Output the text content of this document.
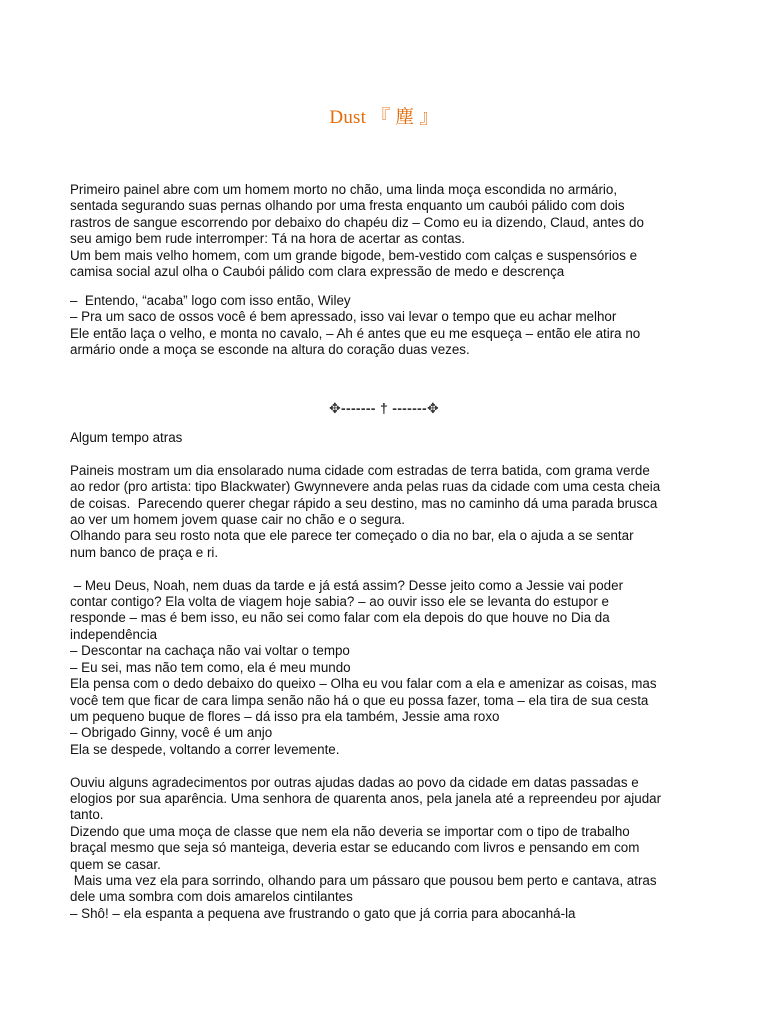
Dust 『 塵 』

Primeiro painel abre com um homem morto no chão, uma linda moça escondida no armário,

sentada segurando suas pernas olhando por uma fresta enquanto um caubói pálido com dois

rastros de sangue escorrendo por debaixo do chapéu diz – Como eu ia dizendo, Claud, antes do

seu amigo bem rude interromper: Tá na hora de acertar as contas.

Um bem mais velho homem, com um grande bigode, bem-vestido com calças e suspensórios e

camisa social azul olha o Caubói pálido com clara expressão de medo e descrença

–  Entendo, “acaba” logo com isso então, Wiley

– Pra um saco de ossos você é bem apressado, isso vai levar o tempo que eu achar melhor

Ele então laça o velho, e monta no cavalo, – Ah é antes que eu me esqueça – então ele atira no

armário onde a moça se esconde na altura do coração duas vezes.

✥------- † -------✥

Algum tempo atras

Paineis mostram um dia ensolarado numa cidade com estradas de terra batida, com grama verde

ao redor (pro artista: tipo Blackwater) Gwynnevere anda pelas ruas da cidade com uma cesta cheia

de coisas.  Parecendo querer chegar rápido a seu destino, mas no caminho dá uma parada brusca

ao ver um homem jovem quase cair no chão e o segura.

Olhando para seu rosto nota que ele parece ter começado o dia no bar, ela o ajuda a se sentar

num banco de praça e ri.

– Meu Deus, Noah, nem duas da tarde e já está assim? Desse jeito como a Jessie vai poder

contar contigo? Ela volta de viagem hoje sabia? – ao ouvir isso ele se levanta do estupor e

responde – mas é bem isso, eu não sei como falar com ela depois do que houve no Dia da

independência

– Descontar na cachaça não vai voltar o tempo

– Eu sei, mas não tem como, ela é meu mundo

Ela pensa com o dedo debaixo do queixo – Olha eu vou falar com a ela e amenizar as coisas, mas

você tem que ficar de cara limpa senão não há o que eu possa fazer, toma – ela tira de sua cesta

um pequeno buque de flores – dá isso pra ela também, Jessie ama roxo

– Obrigado Ginny, você é um anjo

Ela se despede, voltando a correr levemente.

Ouviu alguns agradecimentos por outras ajudas dadas ao povo da cidade em datas passadas e

elogios por sua aparência. Uma senhora de quarenta anos, pela janela até a repreendeu por ajudar

tanto.

Dizendo que uma moça de classe que nem ela não deveria se importar com o tipo de trabalho

braçal mesmo que seja só manteiga, deveria estar se educando com livros e pensando em com

quem se casar.

Mais uma vez ela para sorrindo, olhando para um pássaro que pousou bem perto e cantava, atras

dele uma sombra com dois amarelos cintilantes

– Shô! – ela espanta a pequena ave frustrando o gato que já corria para abocanhá-la
